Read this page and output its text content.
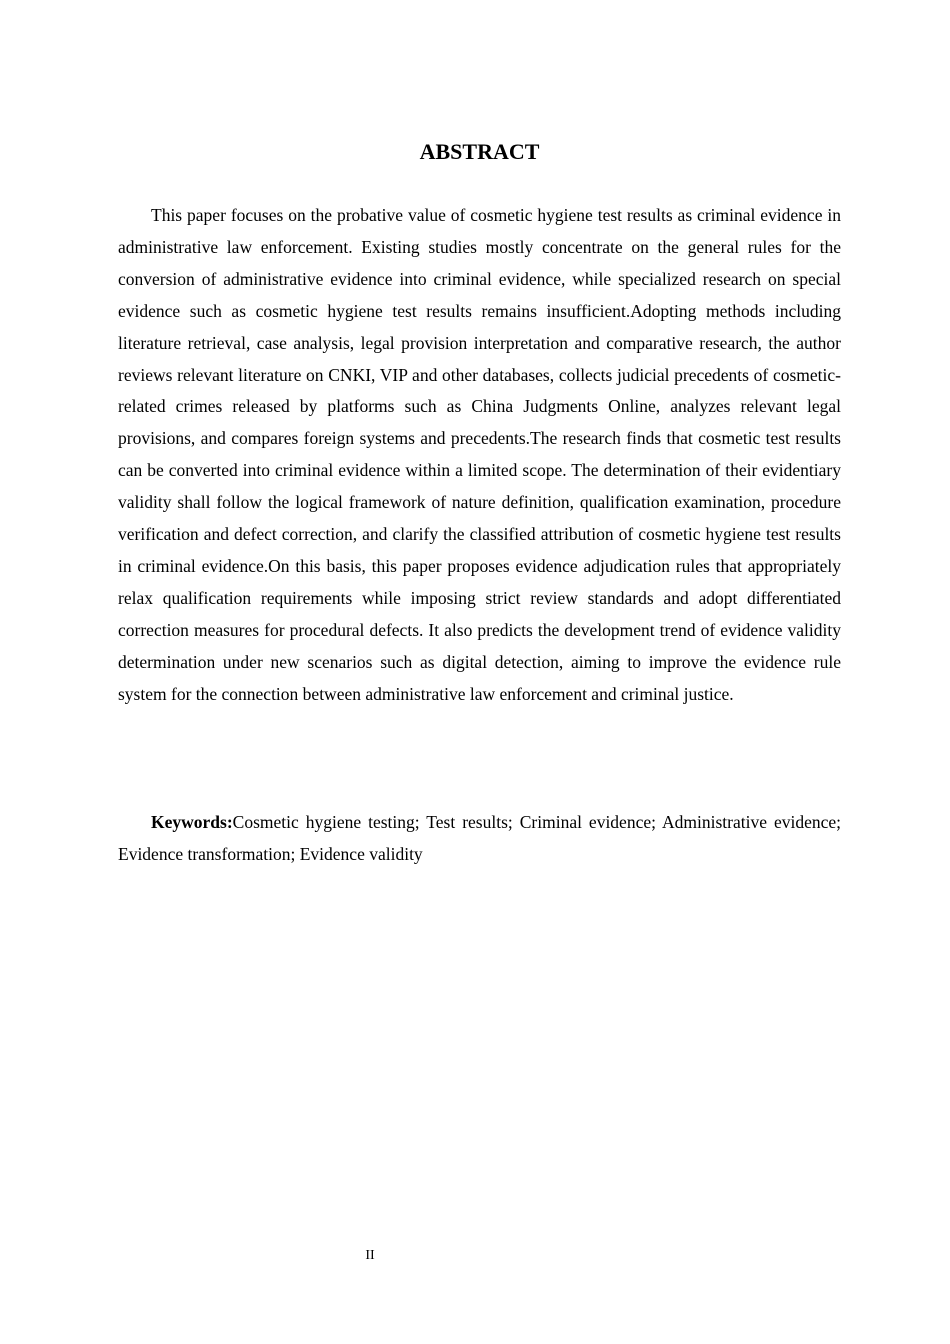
ABSTRACT

This paper focuses on the probative value of cosmetic hygiene test results as criminal evidence in administrative law enforcement. Existing studies mostly concentrate on the general rules for the conversion of administrative evidence into criminal evidence, while specialized research on special evidence such as cosmetic hygiene test results remains insufficient.Adopting methods including literature retrieval, case analysis, legal provision interpretation and comparative research, the author reviews relevant literature on CNKI, VIP and other databases, collects judicial precedents of cosmetic-related crimes released by platforms such as China Judgments Online, analyzes relevant legal provisions, and compares foreign systems and precedents.The research finds that cosmetic test results can be converted into criminal evidence within a limited scope. The determination of their evidentiary validity shall follow the logical framework of nature definition, qualification examination, procedure verification and defect correction, and clarify the classified attribution of cosmetic hygiene test results in criminal evidence.On this basis, this paper proposes evidence adjudication rules that appropriately relax qualification requirements while imposing strict review standards and adopt differentiated correction measures for procedural defects. It also predicts the development trend of evidence validity determination under new scenarios such as digital detection, aiming to improve the evidence rule system for the connection between administrative law enforcement and criminal justice.

Keywords:Cosmetic hygiene testing; Test results; Criminal evidence; Administrative evidence; Evidence transformation; Evidence validity

II
